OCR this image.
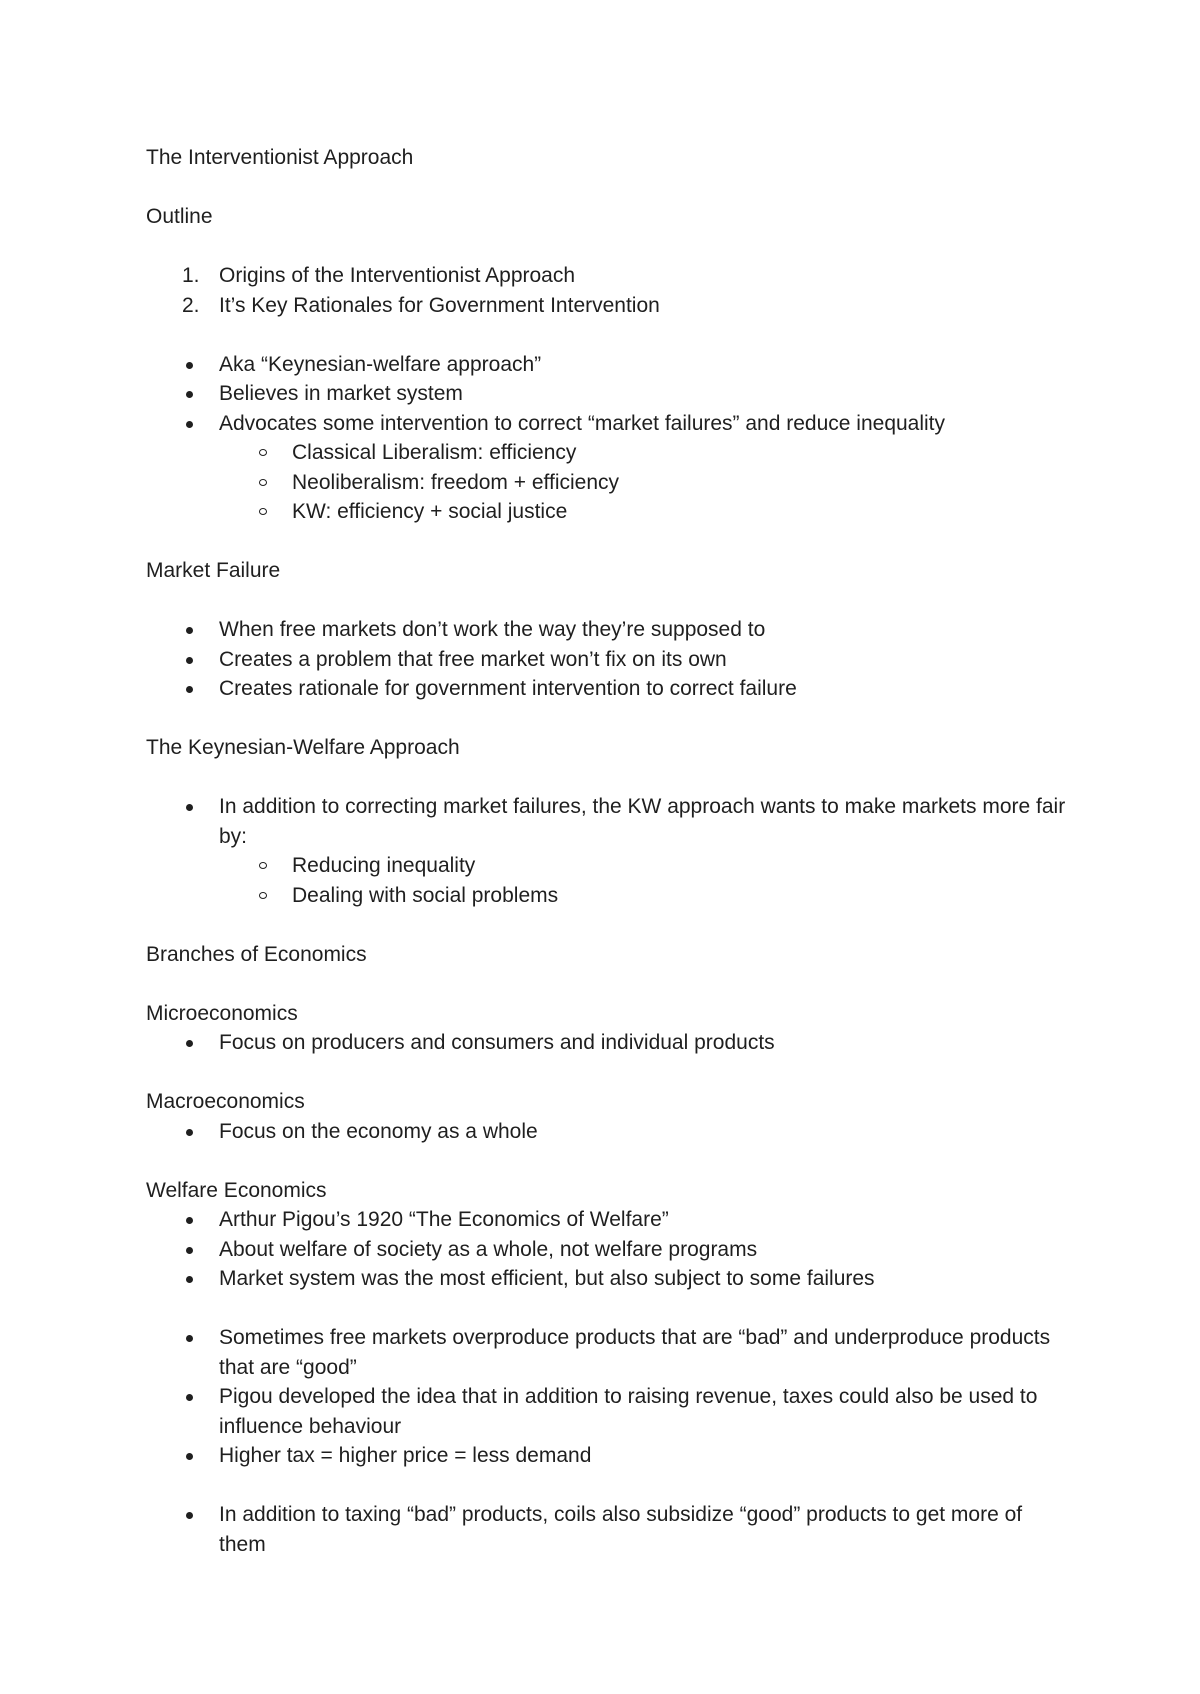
The Interventionist Approach

Outline

1. Origins of the Interventionist Approach
2. It’s Key Rationales for Government Intervention
Aka “Keynesian-welfare approach”
Believes in market system
Advocates some intervention to correct “market failures” and reduce inequality
Classical Liberalism: efficiency
Neoliberalism: freedom + efficiency
KW: efficiency + social justice

Market Failure

When free markets don’t work the way they’re supposed to
Creates a problem that free market won’t fix on its own
Creates rationale for government intervention to correct failure

The Keynesian-Welfare Approach

In addition to correcting market failures, the KW approach wants to make markets more fair by:
Reducing inequality
Dealing with social problems

Branches of Economics

Microeconomics

Focus on producers and consumers and individual products

Macroeconomics

Focus on the economy as a whole

Welfare Economics

Arthur Pigou’s 1920 “The Economics of Welfare”
About welfare of society as a whole, not welfare programs
Market system was the most efficient, but also subject to some failures
Sometimes free markets overproduce products that are “bad” and underproduce products that are “good”
Pigou developed the idea that in addition to raising revenue, taxes could also be used to influence behaviour
Higher tax = higher price = less demand
In addition to taxing “bad” products, coils also subsidize “good” products to get more of them
